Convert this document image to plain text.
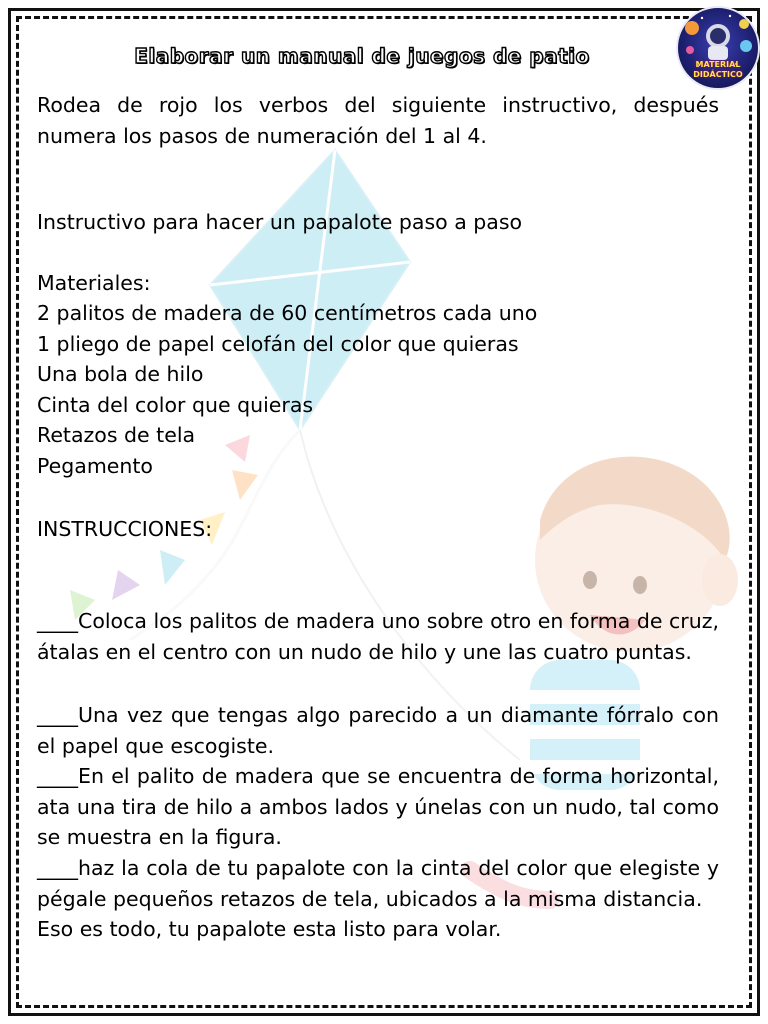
MATERIAL
DIDÁCTICO
Elaborar un manual de juegos de patio
Rodea de rojo los verbos del siguiente instructivo, después numera los pasos de numeración del 1 al 4.
Instructivo para hacer un papalote paso a paso
Materiales:
2 palitos de madera de 60 centímetros cada uno
1 pliego de papel celofán del color que quieras
Una bola de hilo
Cinta del color que quieras
Retazos de tela
Pegamento
INSTRUCCIONES:
____Coloca los palitos de madera uno sobre otro en forma de cruz, átalas en el centro con un nudo de hilo y une las cuatro puntas.
____Una vez que tengas algo parecido a un diamante fórralo con el papel que escogiste.
____En el palito de madera que se encuentra de forma horizontal, ata una tira de hilo a ambos lados y únelas con un nudo, tal como se muestra en la figura.
____haz la cola de tu papalote con la cinta del color que elegiste y pégale pequeños retazos de tela, ubicados a la misma distancia.
Eso es todo, tu papalote esta listo para volar.
